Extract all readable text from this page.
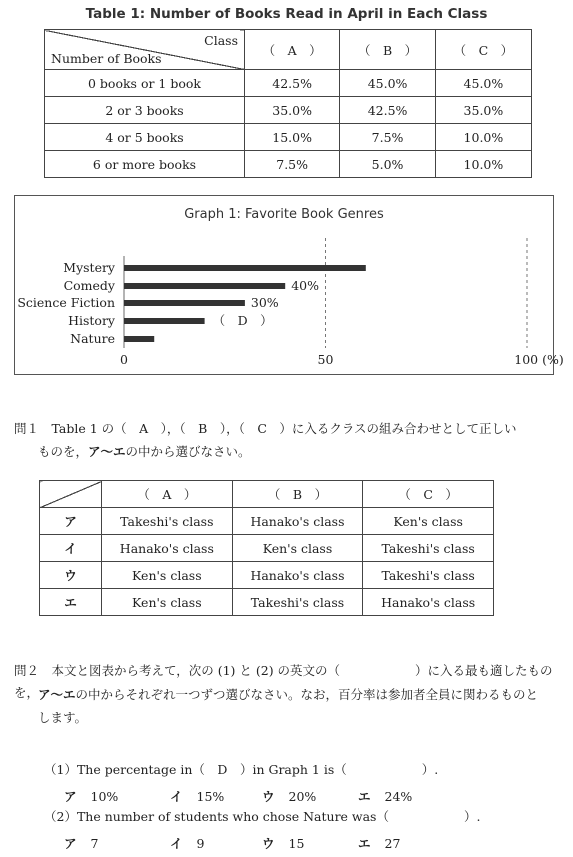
Table 1: Number of Books Read in April in Each Class
Class
Number of Books	（　A　）	（　B　）	（　C　）
0 books or 1 book	42.5%	45.0%	45.0%
2 or 3 books	35.0%	42.5%	35.0%
4 or 5 books	15.0%	7.5%	10.0%
6 or more books	7.5%	5.0%	10.0%
Graph 1: Favorite Book Genres
Mystery
Comedy
Science Fiction
History
Nature
40%
30%
（　D　）
0	50	100 (%)
問１　Table 1 の（　A　），（　B　），（　C　）に入るクラスの組み合わせとして正しい
ものを，ア～エの中から選びなさい。
	（　A　）	（　B　）	（　C　）
ア	Takeshi's class	Hanako's class	Ken's class
イ	Hanako's class	Ken's class	Takeshi's class
ウ	Ken's class	Hanako's class	Takeshi's class
エ	Ken's class	Takeshi's class	Hanako's class
問２　本文と図表から考えて，次の (1) と (2) の英文の（　　　　　　）に入る最も適したものを，
ア～エの中からそれぞれ一つずつ選びなさい。なお，百分率は参加者全員に関わるものと
します。
（1）The percentage in（　D　）in Graph 1 is（　　　　　　）.
ア 10%	イ 15%	ウ 20%	エ 24%
（2）The number of students who chose Nature was（　　　　　　）.
ア 7	イ 9	ウ 15	エ 27
